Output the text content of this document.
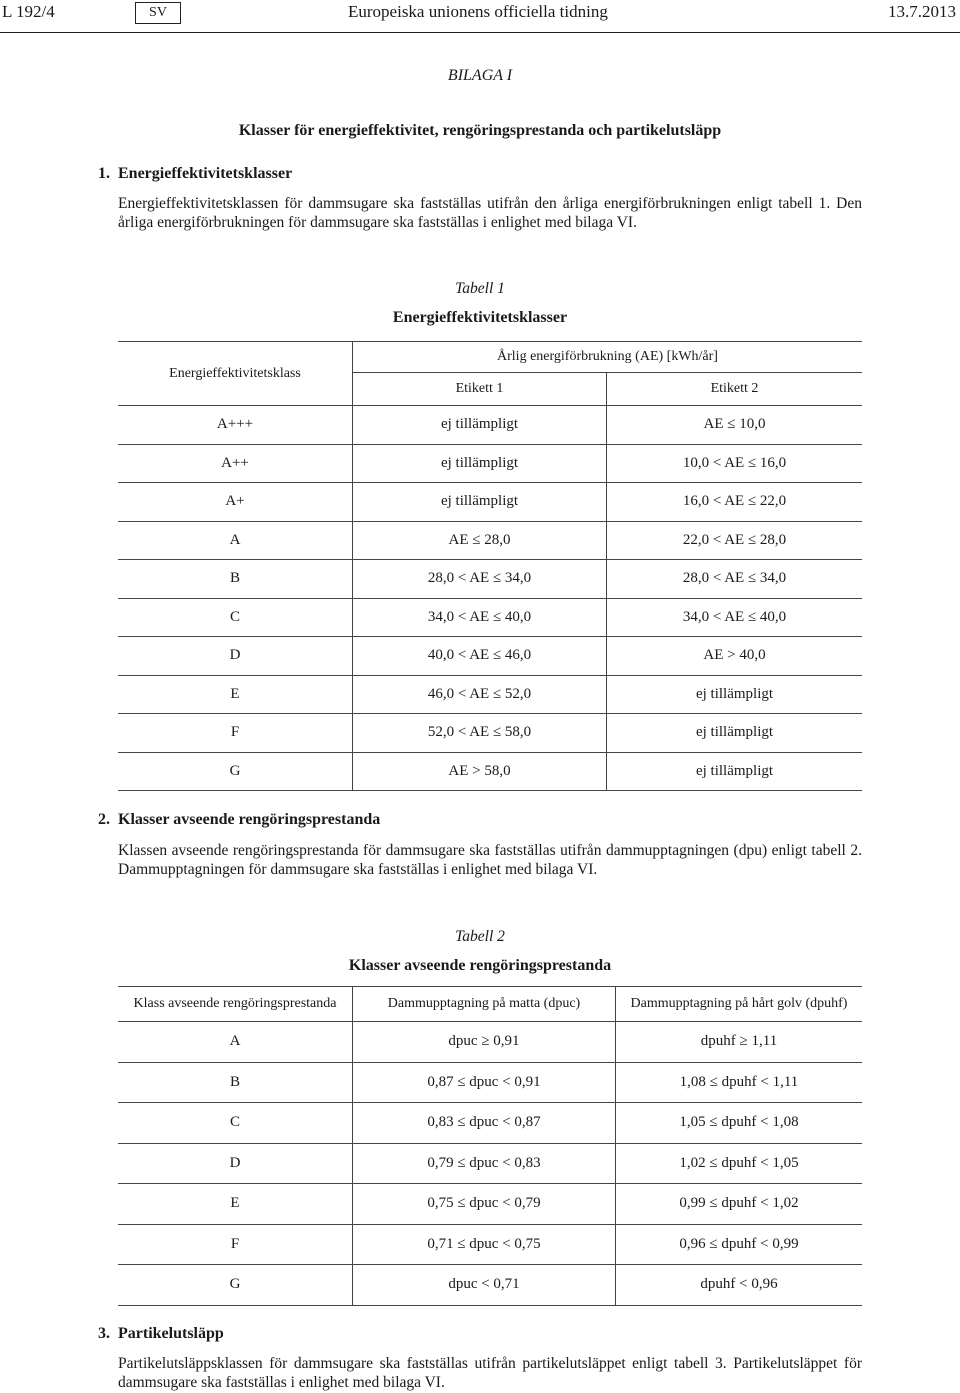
L 192/4	SV	Europeiska unionens officiella tidning	13.7.2013
BILAGA I
Klasser för energieffektivitet, rengöringsprestanda och partikelutsläpp
1. Energieffektivitetsklasser
Energieffektivitetsklassen för dammsugare ska fastställas utifrån den årliga energiförbrukningen enligt tabell 1. Den årliga energiförbrukningen för dammsugare ska fastställas i enlighet med bilaga VI.
Tabell 1
Energieffektivitetsklasser
Energieffektivitetsklass	Årlig energiförbrukning (AE) [kWh/år]	
	Etikett 1	Etikett 2
A+++	ej tillämpligt	AE ≤ 10,0
A++	ej tillämpligt	10,0 < AE ≤ 16,0
A+	ej tillämpligt	16,0 < AE ≤ 22,0
A	AE ≤ 28,0	22,0 < AE ≤ 28,0
B	28,0 < AE ≤ 34,0	28,0 < AE ≤ 34,0
C	34,0 < AE ≤ 40,0	34,0 < AE ≤ 40,0
D	40,0 < AE ≤ 46,0	AE > 40,0
E	46,0 < AE ≤ 52,0	ej tillämpligt
F	52,0 < AE ≤ 58,0	ej tillämpligt
G	AE > 58,0	ej tillämpligt
2. Klasser avseende rengöringsprestanda
Klassen avseende rengöringsprestanda för dammsugare ska fastställas utifrån dammupptagningen (dpu) enligt tabell 2. Dammupptagningen för dammsugare ska fastställas i enlighet med bilaga VI.
Tabell 2
Klasser avseende rengöringsprestanda
Klass avseende rengöringsprestanda	Dammupptagning på matta (dpuc)	Dammupptagning på hårt golv (dpuhf)
A	dpuc ≥ 0,91	dpuhf ≥ 1,11
B	0,87 ≤ dpuc < 0,91	1,08 ≤ dpuhf < 1,11
C	0,83 ≤ dpuc < 0,87	1,05 ≤ dpuhf < 1,08
D	0,79 ≤ dpuc < 0,83	1,02 ≤ dpuhf < 1,05
E	0,75 ≤ dpuc < 0,79	0,99 ≤ dpuhf < 1,02
F	0,71 ≤ dpuc < 0,75	0,96 ≤ dpuhf < 0,99
G	dpuc < 0,71	dpuhf < 0,96
3. Partikelutsläpp
Partikelutsläppsklassen för dammsugare ska fastställas utifrån partikelutsläppet enligt tabell 3. Partikelutsläppet för dammsugare ska fastställas i enlighet med bilaga VI.
